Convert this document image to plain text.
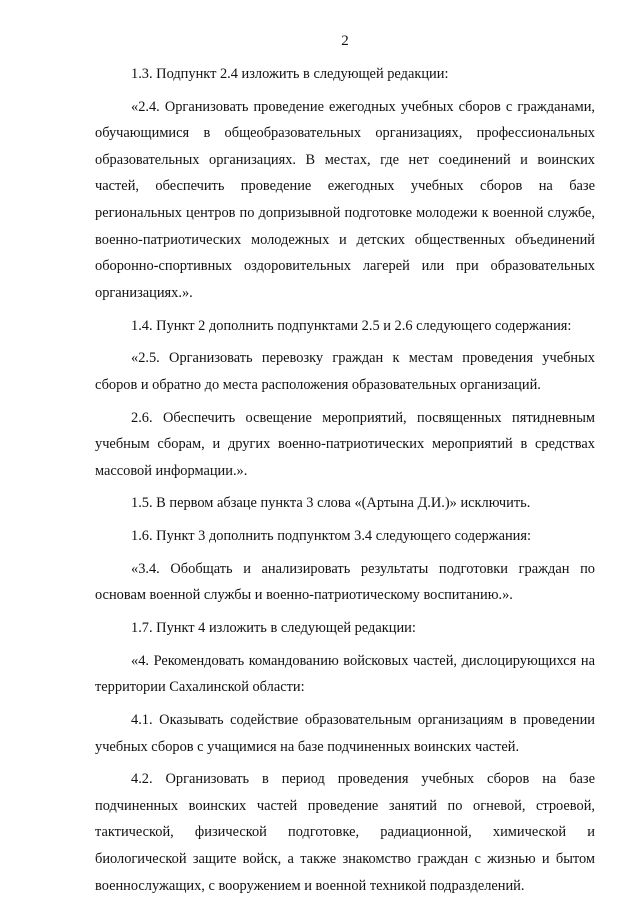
2

1.3. Подпункт 2.4 изложить в следующей редакции:

«2.4. Организовать проведение ежегодных учебных сборов с гражданами, обучающимися в общеобразовательных организациях, профессиональных образовательных организациях. В местах, где нет соединений и воинских частей, обеспечить проведение ежегодных учебных сборов на базе региональных центров по допризывной подготовке молодежи к военной службе, военно-патриотических молодежных и детских общественных объединений оборонно-спортивных оздоровительных лагерей или при образовательных организациях.».

1.4. Пункт 2 дополнить подпунктами 2.5 и 2.6 следующего содержания:

«2.5. Организовать перевозку граждан к местам проведения учебных сборов и обратно до места расположения образовательных организаций.

2.6. Обеспечить освещение мероприятий, посвященных пятидневным учебным сборам, и других военно-патриотических мероприятий в средствах массовой информации.».

1.5. В первом абзаце пункта 3 слова «(Артына Д.И.)» исключить.

1.6. Пункт 3 дополнить подпунктом 3.4 следующего содержания:

«3.4. Обобщать и анализировать результаты подготовки граждан по основам военной службы и военно-патриотическому воспитанию.».

1.7. Пункт 4 изложить в следующей редакции:

«4. Рекомендовать командованию войсковых частей, дислоцирующихся на территории Сахалинской области:

4.1. Оказывать содействие образовательным организациям в проведении учебных сборов с учащимися на базе подчиненных воинских частей.

4.2. Организовать в период проведения учебных сборов на базе подчиненных воинских частей проведение занятий по огневой, строевой, тактической, физической подготовке, радиационной, химической и биологической защите войск, а также знакомство граждан с жизнью и бытом военнослужащих, с вооружением и военной техникой подразделений.
